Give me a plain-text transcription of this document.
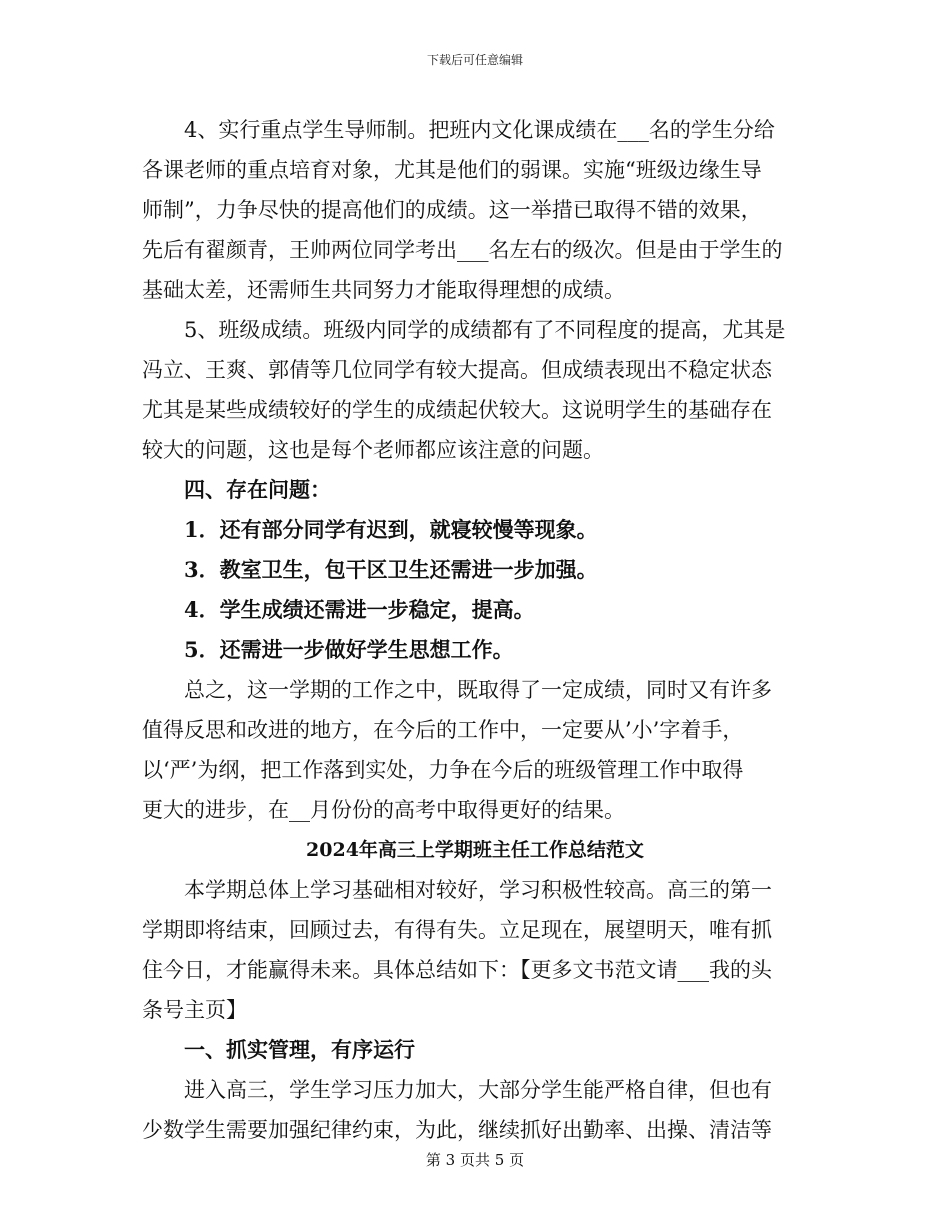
下载后可任意编辑
4、实行重点学生导师制。把班内文化课成绩在___名的学生分给
各课老师的重点培育对象，尤其是他们的弱课。实施“班级边缘生导
师制”，力争尽快的提高他们的成绩。这一举措已取得不错的效果，
先后有翟颜青，王帅两位同学考出___名左右的级次。但是由于学生的
基础太差，还需师生共同努力才能取得理想的成绩。
5、班级成绩。班级内同学的成绩都有了不同程度的提高，尤其是
冯立、王爽、郭倩等几位同学有较大提高。但成绩表现出不稳定状态
尤其是某些成绩较好的学生的成绩起伏较大。这说明学生的基础存在
较大的问题，这也是每个老师都应该注意的问题。
四、存在问题：
1．还有部分同学有迟到，就寝较慢等现象。
3．教室卫生，包干区卫生还需进一步加强。
4．学生成绩还需进一步稳定，提高。
5．还需进一步做好学生思想工作。
总之，这一学期的工作之中，既取得了一定成绩，同时又有许多
值得反思和改进的地方，在今后的工作中，一定要从’小’字着手，
以‘严’为纲，把工作落到实处，力争在今后的班级管理工作中取得
更大的进步，在__月份份的高考中取得更好的结果。
2024年高三上学期班主任工作总结范文
本学期总体上学习基础相对较好，学习积极性较高。高三的第一
学期即将结束，回顾过去，有得有失。立足现在，展望明天，唯有抓
住今日，才能赢得未来。具体总结如下：【更多文书范文请___我的头
条号主页】
一、抓实管理，有序运行
进入高三，学生学习压力加大，大部分学生能严格自律，但也有
少数学生需要加强纪律约束，为此，继续抓好出勤率、出操、清洁等
第 3 页共 5 页
